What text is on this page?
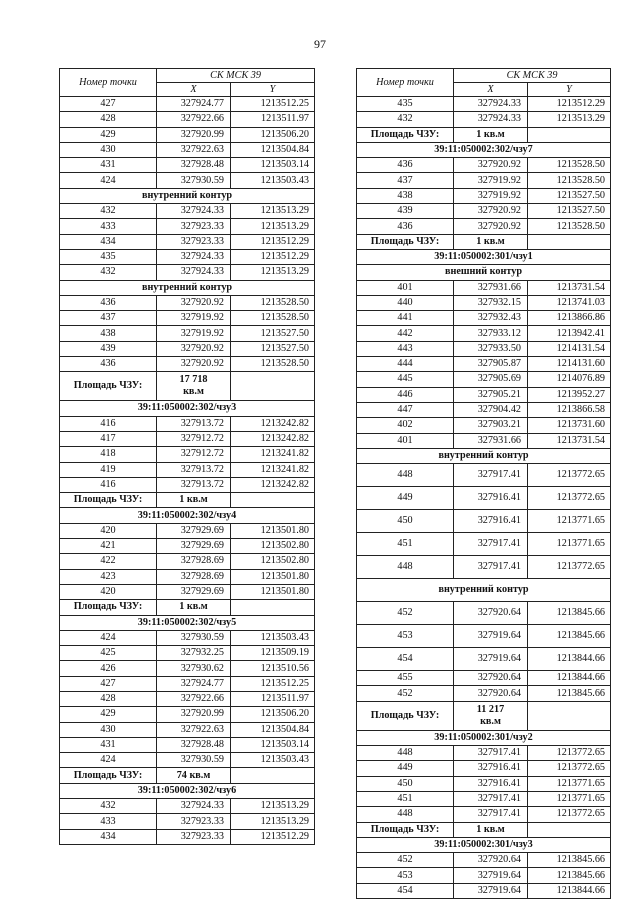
97
Номер точки	СК МСК 39	
	X	Y
427	327924.77	1213512.25
428	327922.66	1213511.97
429	327920.99	1213506.20
430	327922.63	1213504.84
431	327928.48	1213503.14
424	327930.59	1213503.43
внутренний контур		
432	327924.33	1213513.29
433	327923.33	1213513.29
434	327923.33	1213512.29
435	327924.33	1213512.29
432	327924.33	1213513.29
внутренний контур		
436	327920.92	1213528.50
437	327919.92	1213528.50
438	327919.92	1213527.50
439	327920.92	1213527.50
436	327920.92	1213528.50
Площадь ЧЗУ:	17 718
кв.м	
39:11:050002:302/чзу3		
416	327913.72	1213242.82
417	327912.72	1213242.82
418	327912.72	1213241.82
419	327913.72	1213241.82
416	327913.72	1213242.82
Площадь ЧЗУ:	1 кв.м	
39:11:050002:302/чзу4		
420	327929.69	1213501.80
421	327929.69	1213502.80
422	327928.69	1213502.80
423	327928.69	1213501.80
420	327929.69	1213501.80
Площадь ЧЗУ:	1 кв.м	
39:11:050002:302/чзу5		
424	327930.59	1213503.43
425	327932.25	1213509.19
426	327930.62	1213510.56
427	327924.77	1213512.25
428	327922.66	1213511.97
429	327920.99	1213506.20
430	327922.63	1213504.84
431	327928.48	1213503.14
424	327930.59	1213503.43
Площадь ЧЗУ:	74 кв.м	
39:11:050002:302/чзу6		
432	327924.33	1213513.29
433	327923.33	1213513.29
434	327923.33	1213512.29
Номер точки	СК МСК 39	
	X	Y
435	327924.33	1213512.29
432	327924.33	1213513.29
Площадь ЧЗУ:	1 кв.м	
39:11:050002:302/чзу7		
436	327920.92	1213528.50
437	327919.92	1213528.50
438	327919.92	1213527.50
439	327920.92	1213527.50
436	327920.92	1213528.50
Площадь ЧЗУ:	1 кв.м	
39:11:050002:301/чзу1		
внешний контур		
401	327931.66	1213731.54
440	327932.15	1213741.03
441	327932.43	1213866.86
442	327933.12	1213942.41
443	327933.50	1214131.54
444	327905.87	1214131.60
445	327905.69	1214076.89
446	327905.21	1213952.27
447	327904.42	1213866.58
402	327903.21	1213731.60
401	327931.66	1213731.54
внутренний контур		
448	327917.41	1213772.65
449	327916.41	1213772.65
450	327916.41	1213771.65
451	327917.41	1213771.65
448	327917.41	1213772.65
внутренний контур		
452	327920.64	1213845.66
453	327919.64	1213845.66
454	327919.64	1213844.66
455	327920.64	1213844.66
452	327920.64	1213845.66
Площадь ЧЗУ:	11 217
кв.м	
39:11:050002:301/чзу2		
448	327917.41	1213772.65
449	327916.41	1213772.65
450	327916.41	1213771.65
451	327917.41	1213771.65
448	327917.41	1213772.65
Площадь ЧЗУ:	1 кв.м	
39:11:050002:301/чзу3		
452	327920.64	1213845.66
453	327919.64	1213845.66
454	327919.64	1213844.66
